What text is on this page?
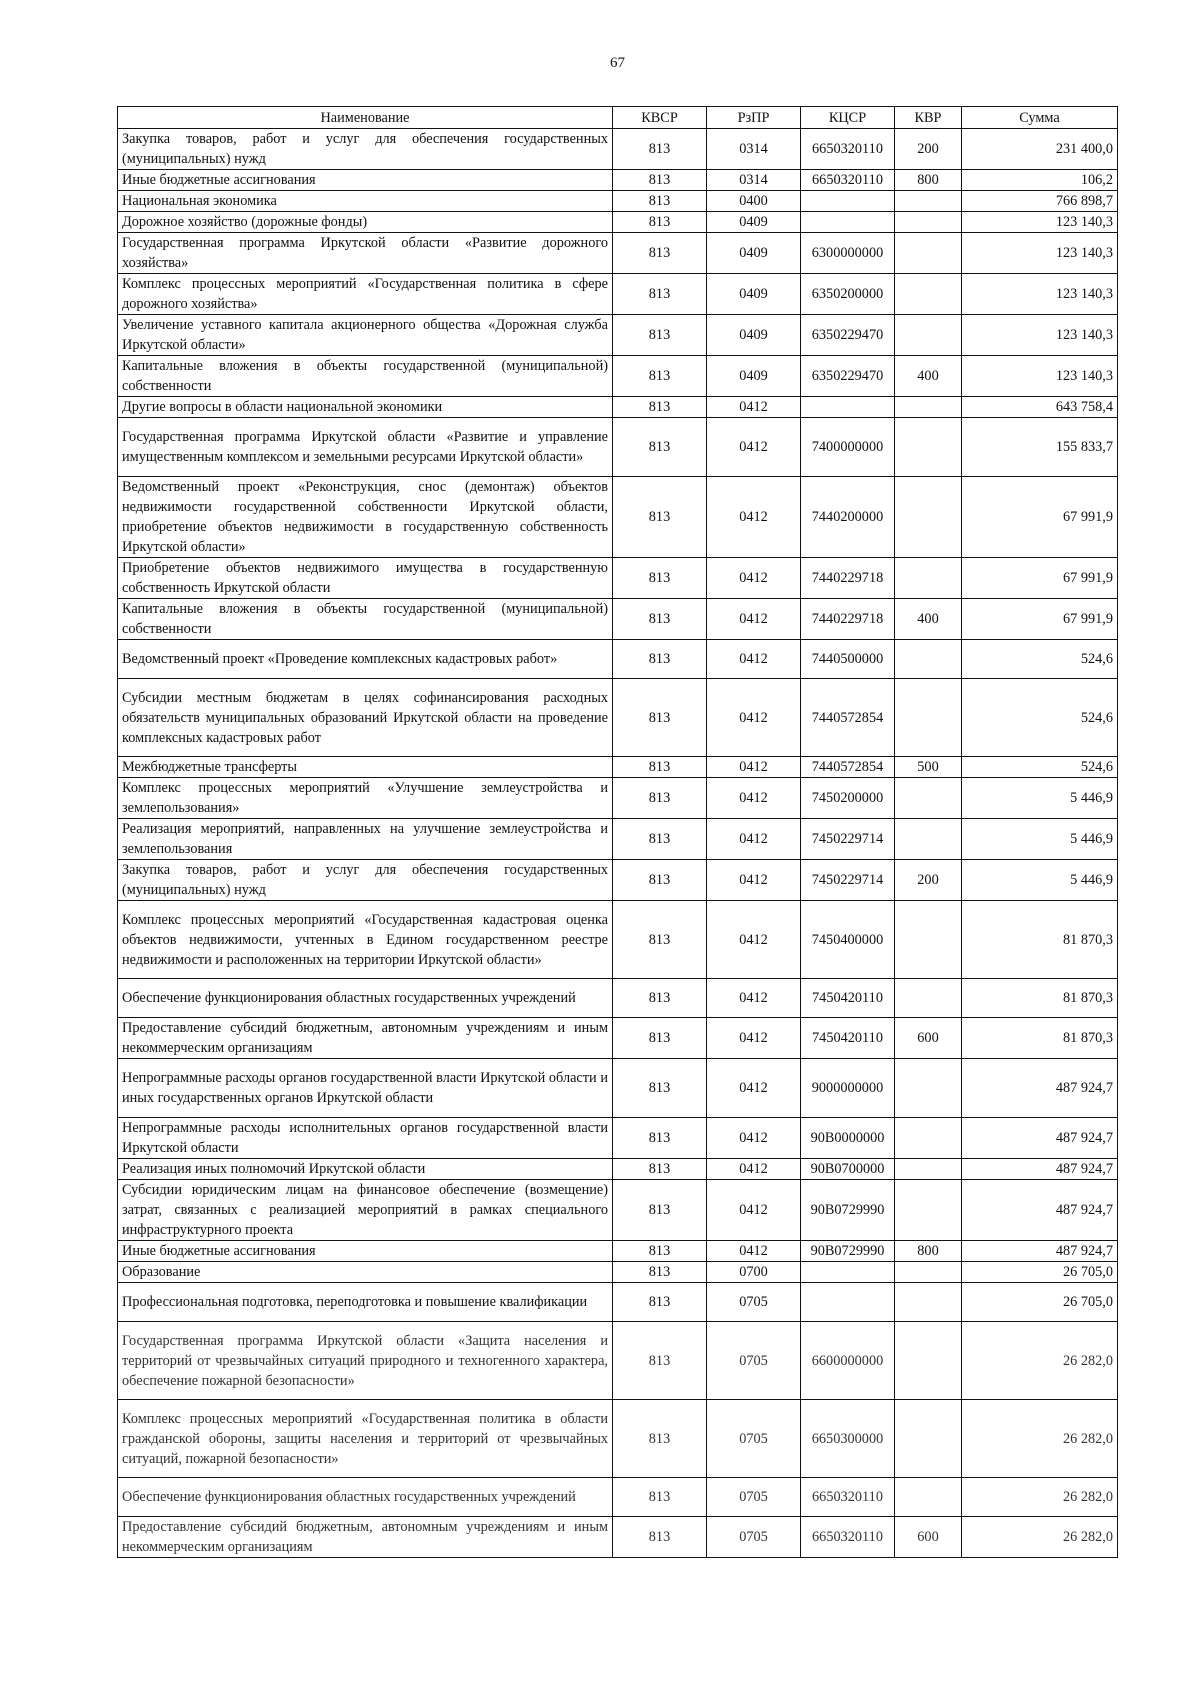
67
Наименование	КВСР	РзПР	КЦСР	КВР	Сумма
Закупка товаров, работ и услуг для обеспечения государственных (муниципальных) нужд	813	0314	6650320110	200	231 400,0
Иные бюджетные ассигнования	813	0314	6650320110	800	106,2
Национальная экономика	813	0400			766 898,7
Дорожное хозяйство (дорожные фонды)	813	0409			123 140,3
Государственная программа Иркутской области «Развитие дорожного хозяйства»	813	0409	6300000000		123 140,3
Комплекс процессных мероприятий «Государственная политика в сфере дорожного хозяйства»	813	0409	6350200000		123 140,3
Увеличение уставного капитала акционерного общества «Дорожная служба Иркутской области»	813	0409	6350229470		123 140,3
Капитальные вложения в объекты государственной (муниципальной) собственности	813	0409	6350229470	400	123 140,3
Другие вопросы в области национальной экономики	813	0412			643 758,4
Государственная программа Иркутской области «Развитие и управление имущественным комплексом и земельными ресурсами Иркутской области»	813	0412	7400000000		155 833,7
Ведомственный проект «Реконструкция, снос (демонтаж) объектов недвижимости государственной собственности Иркутской области, приобретение объектов недвижимости в государственную собственность Иркутской области»	813	0412	7440200000		67 991,9
Приобретение объектов недвижимого имущества в государственную собственность Иркутской области	813	0412	7440229718		67 991,9
Капитальные вложения в объекты государственной (муниципальной) собственности	813	0412	7440229718	400	67 991,9
Ведомственный проект «Проведение комплексных кадастровых работ»	813	0412	7440500000		524,6
Субсидии местным бюджетам в целях софинансирования расходных обязательств муниципальных образований Иркутской области на проведение комплексных кадастровых работ	813	0412	7440572854		524,6
Межбюджетные трансферты	813	0412	7440572854	500	524,6
Комплекс процессных мероприятий «Улучшение землеустройства и землепользования»	813	0412	7450200000		5 446,9
Реализация мероприятий, направленных на улучшение землеустройства и землепользования	813	0412	7450229714		5 446,9
Закупка товаров, работ и услуг для обеспечения государственных (муниципальных) нужд	813	0412	7450229714	200	5 446,9
Комплекс процессных мероприятий «Государственная кадастровая оценка объектов недвижимости, учтенных в Едином государственном реестре недвижимости и расположенных на территории Иркутской области»	813	0412	7450400000		81 870,3
Обеспечение функционирования областных государственных учреждений	813	0412	7450420110		81 870,3
Предоставление субсидий бюджетным, автономным учреждениям и иным некоммерческим организациям	813	0412	7450420110	600	81 870,3
Непрограммные расходы органов государственной власти Иркутской области и иных государственных органов Иркутской области	813	0412	9000000000		487 924,7
Непрограммные расходы исполнительных органов государственной власти Иркутской области	813	0412	90В0000000		487 924,7
Реализация иных полномочий Иркутской области	813	0412	90В0700000		487 924,7
Субсидии юридическим лицам на финансовое обеспечение (возмещение) затрат, связанных с реализацией мероприятий в рамках специального инфраструктурного проекта	813	0412	90В0729990		487 924,7
Иные бюджетные ассигнования	813	0412	90В0729990	800	487 924,7
Образование	813	0700			26 705,0
Профессиональная подготовка, переподготовка и повышение квалификации	813	0705			26 705,0
Государственная программа Иркутской области «Защита населения и территорий от чрезвычайных ситуаций природного и техногенного характера, обеспечение пожарной безопасности»	813	0705	6600000000		26 282,0
Комплекс процессных мероприятий «Государственная политика в области гражданской обороны, защиты населения и территорий от чрезвычайных ситуаций, пожарной безопасности»	813	0705	6650300000		26 282,0
Обеспечение функционирования областных государственных учреждений	813	0705	6650320110		26 282,0
Предоставление субсидий бюджетным, автономным учреждениям и иным некоммерческим организациям	813	0705	6650320110	600	26 282,0
